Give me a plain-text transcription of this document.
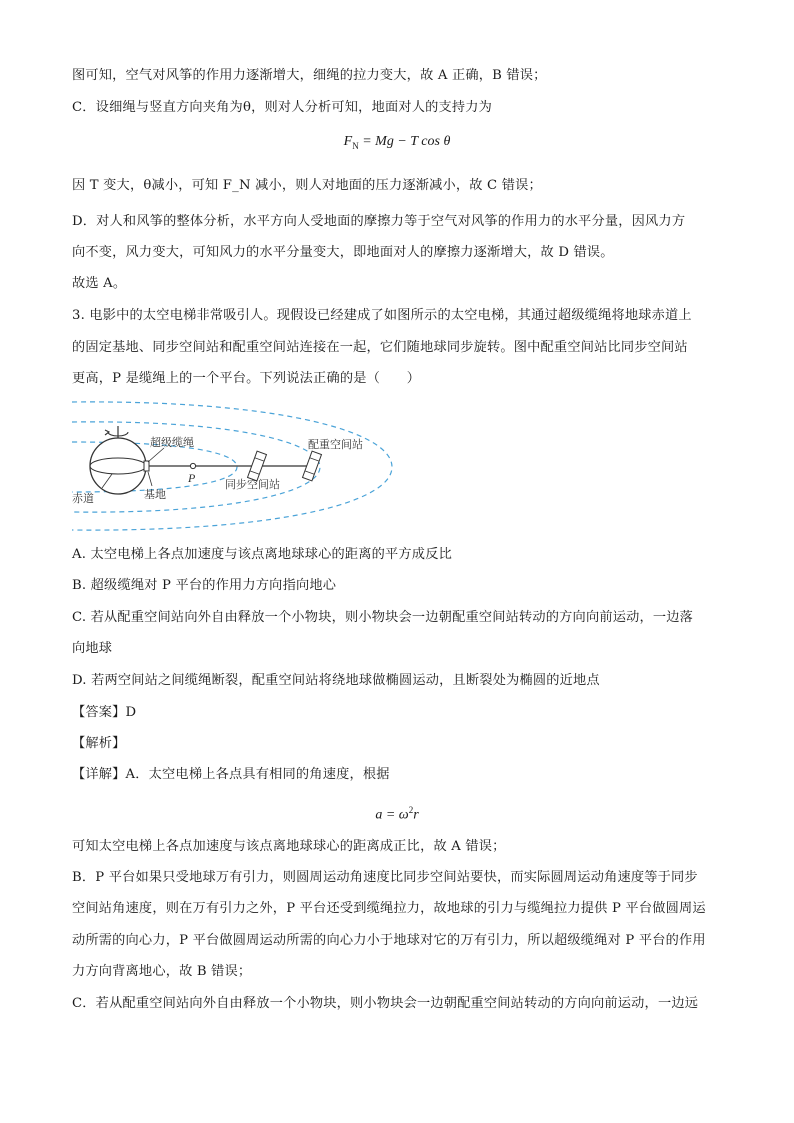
图可知，空气对风筝的作用力逐渐增大，细绳的拉力变大，故 A 正确，B 错误；
C．设细绳与竖直方向夹角为θ，则对人分析可知，地面对人的支持力为
$F_N = Mg - T$ cos θ
因 T 变大，θ减小，可知 F_N 减小，则人对地面的压力逐渐减小，故 C 错误；
D．对人和风筝的整体分析，水平方向人受地面的摩擦力等于空气对风筝的作用力的水平分量，因风力方
向不变，风力变大，可知风力的水平分量变大，即地面对人的摩擦力逐渐增大，故 D 错误。
故选 A。
3. 电影中的太空电梯非常吸引人。现假设已经建成了如图所示的太空电梯，其通过超级缆绳将地球赤道上
的固定基地、同步空间站和配重空间站连接在一起，它们随地球同步旋转。图中配重空间站比同步空间站
更高，P 是缆绳上的一个平台。下列说法正确的是（　　）
超级缆绳
P
配重空间站
同步空间站
赤道	基地
A. 太空电梯上各点加速度与该点离地球球心的距离的平方成反比
B. 超级缆绳对 P 平台的作用力方向指向地心
C. 若从配重空间站向外自由释放一个小物块，则小物块会一边朝配重空间站转动的方向向前运动，一边落
向地球
D. 若两空间站之间缆绳断裂，配重空间站将绕地球做椭圆运动，且断裂处为椭圆的近地点
【答案】D
【解析】
【详解】A．太空电梯上各点具有相同的角速度，根据
$a = \omega^2r$
可知太空电梯上各点加速度与该点离地球球心的距离成正比，故 A 错误；
B．P 平台如果只受地球万有引力，则圆周运动角速度比同步空间站要快，而实际圆周运动角速度等于同步
空间站角速度，则在万有引力之外，P 平台还受到缆绳拉力，故地球的引力与缆绳拉力提供 P 平台做圆周运
动所需的向心力，P 平台做圆周运动所需的向心力小于地球对它的万有引力，所以超级缆绳对 P 平台的作用
力方向背离地心，故 B 错误；
C．若从配重空间站向外自由释放一个小物块，则小物块会一边朝配重空间站转动的方向向前运动，一边远
